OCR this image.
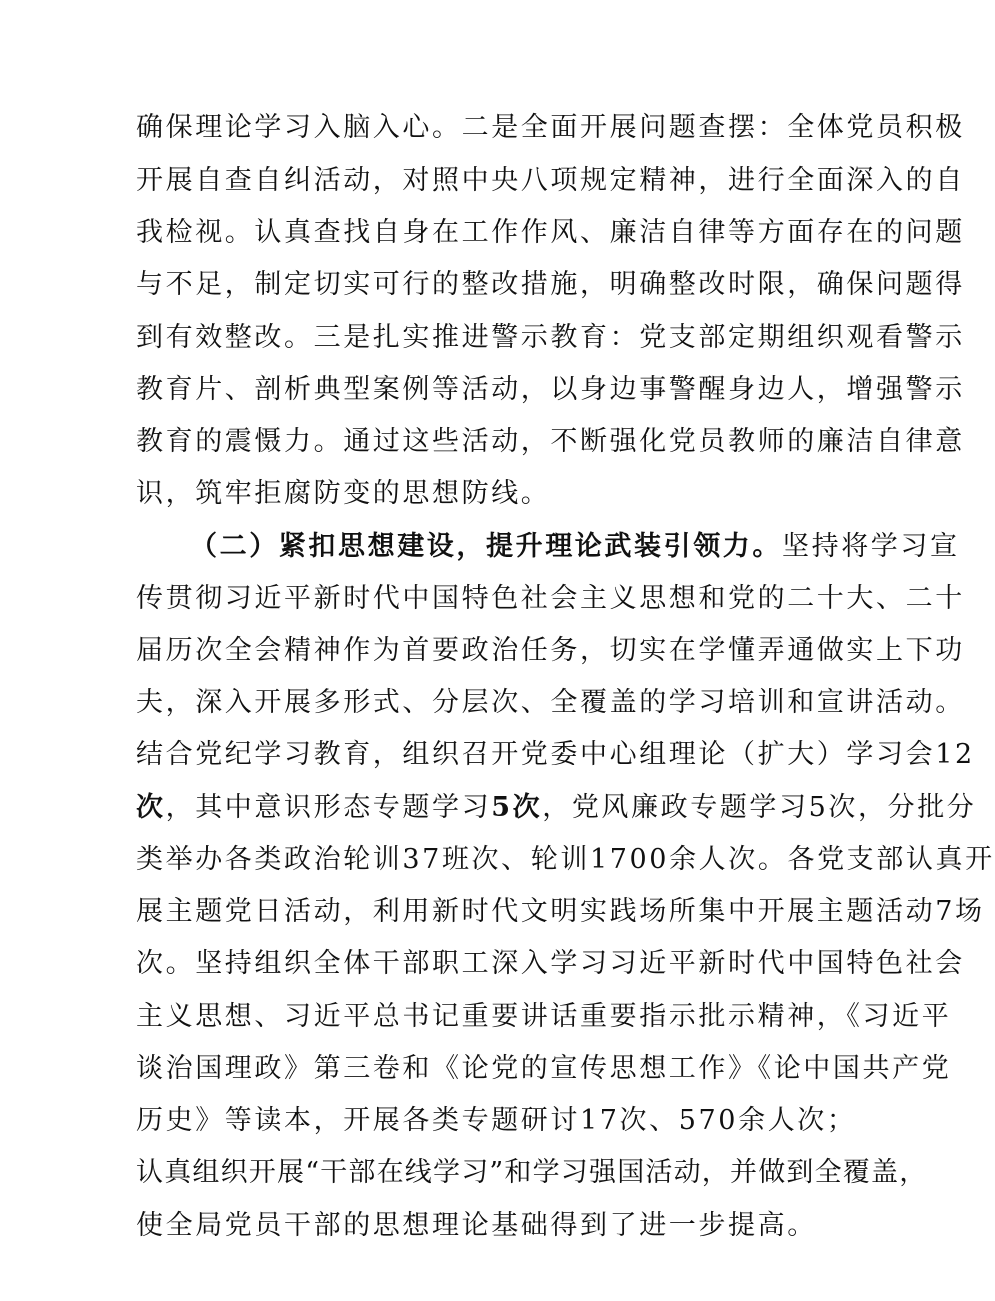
确保理论学习入脑入心。二是全面开展问题查摆：全体党员积极
开展自查自纠活动，对照中央八项规定精神，进行全面深入的自
我检视。认真查找自身在工作作风、廉洁自律等方面存在的问题
与不足，制定切实可行的整改措施，明确整改时限，确保问题得
到有效整改。三是扎实推进警示教育：党支部定期组织观看警示
教育片、剖析典型案例等活动，以身边事警醒身边人，增强警示
教育的震慑力。通过这些活动，不断强化党员教师的廉洁自律意
识，筑牢拒腐防变的思想防线。
（二）紧扣思想建设，提升理论武装引领力。坚持将学习宣
传贯彻习近平新时代中国特色社会主义思想和党的二十大、二十
届历次全会精神作为首要政治任务，切实在学懂弄通做实上下功
夫，深入开展多形式、分层次、全覆盖的学习培训和宣讲活动。
结合党纪学习教育，组织召开党委中心组理论（扩大）学习会12
次，其中意识形态专题学习5次，党风廉政专题学习5次，分批分
类举办各类政治轮训37班次、轮训1700余人次。各党支部认真开
展主题党日活动，利用新时代文明实践场所集中开展主题活动7场
次。坚持组织全体干部职工深入学习习近平新时代中国特色社会
主义思想、习近平总书记重要讲话重要指示批示精神，《习近平
谈治国理政》第三卷和《论党的宣传思想工作》《论中国共产党
历史》等读本，开展各类专题研讨17次、570余人次；
认真组织开展“干部在线学习”和学习强国活动，并做到全覆盖，
使全局党员干部的思想理论基础得到了进一步提高。
